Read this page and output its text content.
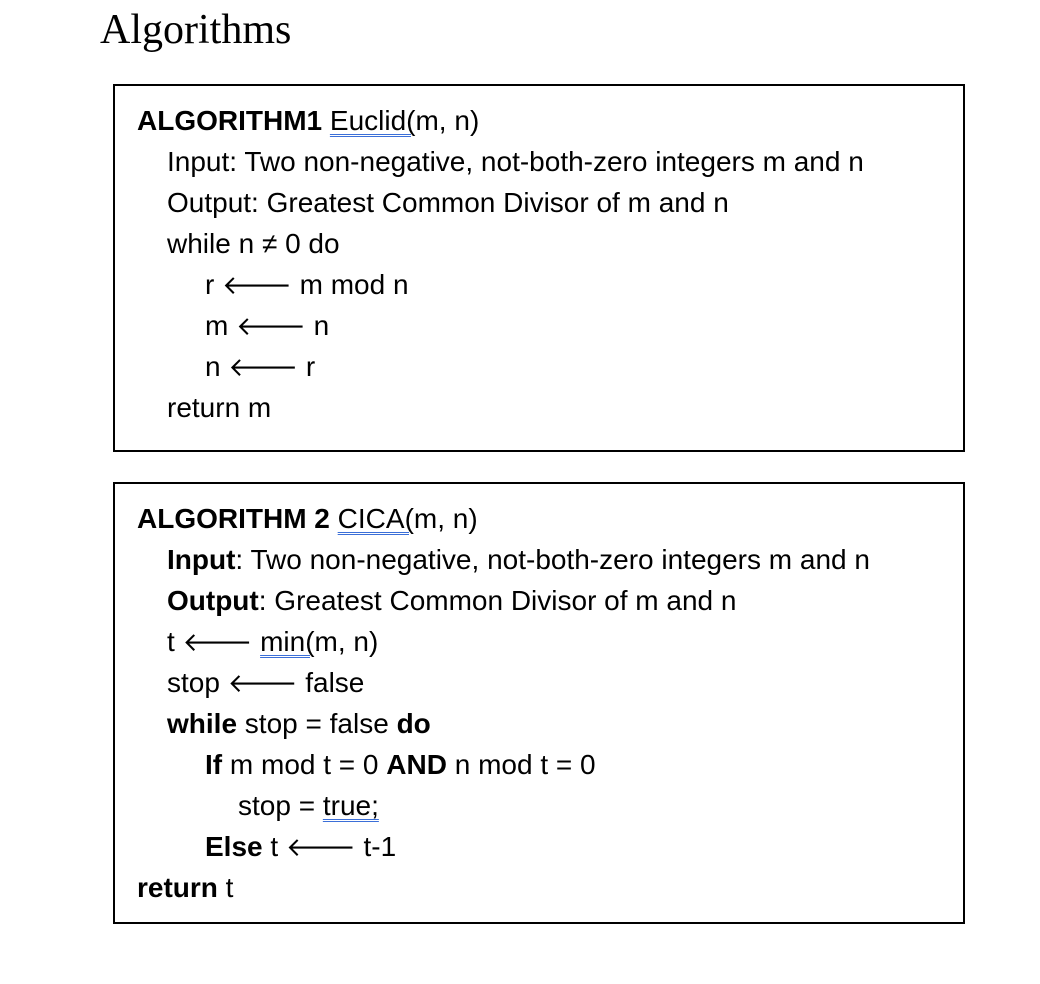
Algorithms
ALGORITHM1 Euclid(m, n)
Input: Two non-negative, not-both-zero integers m and n
Output: Greatest Common Divisor of m and n
while n ≠ 0 do
r 🡐 m mod n
m 🡐 n
n 🡐 r
return m
ALGORITHM 2 CICA(m, n)
Input: Two non-negative, not-both-zero integers m and n
Output: Greatest Common Divisor of m and n
t 🡐 min(m, n)
stop 🡐 false
while stop = false do
If m mod t = 0 AND n mod t = 0
stop = true;
Else t 🡐 t-1
return t
